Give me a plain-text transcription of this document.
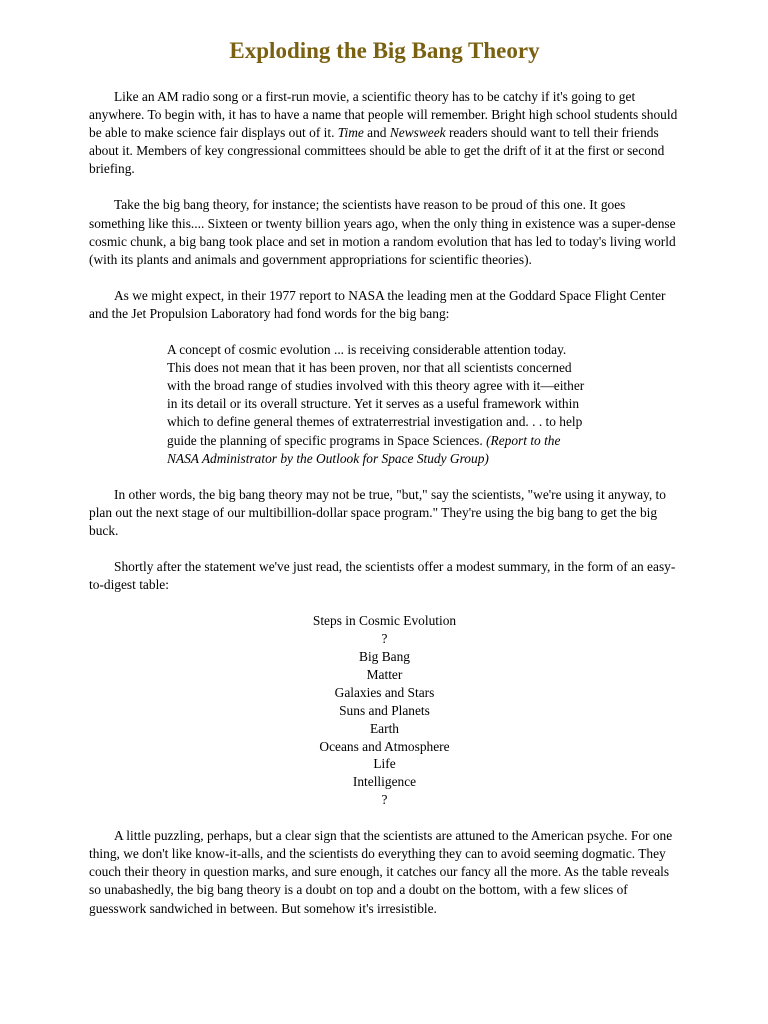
Exploding the Big Bang Theory

Like an AM radio song or a first-run movie, a scientific theory has to be catchy if it's going to get anywhere. To begin with, it has to have a name that people will remember. Bright high school students should be able to make science fair displays out of it. Time and Newsweek readers should want to tell their friends about it. Members of key congressional committees should be able to get the drift of it at the first or second briefing.

Take the big bang theory, for instance; the scientists have reason to be proud of this one. It goes something like this.... Sixteen or twenty billion years ago, when the only thing in existence was a super-dense cosmic chunk, a big bang took place and set in motion a random evolution that has led to today's living world (with its plants and animals and government appropriations for scientific theories).

As we might expect, in their 1977 report to NASA the leading men at the Goddard Space Flight Center and the Jet Propulsion Laboratory had fond words for the big bang:

A concept of cosmic evolution ... is receiving considerable attention today. This does not mean that it has been proven, nor that all scientists concerned with the broad range of studies involved with this theory agree with it—either in its detail or its overall structure. Yet it serves as a useful framework within which to define general themes of extraterrestrial investigation and. . . to help guide the planning of specific programs in Space Sciences. (Report to the NASA Administrator by the Outlook for Space Study Group)

In other words, the big bang theory may not be true, "but," say the scientists, "we're using it anyway, to plan out the next stage of our multibillion-dollar space program." They're using the big bang to get the big buck.

Shortly after the statement we've just read, the scientists offer a modest summary, in the form of an easy-to-digest table:

Steps in Cosmic Evolution
?
Big Bang
Matter
Galaxies and Stars
Suns and Planets
Earth
Oceans and Atmosphere
Life
Intelligence
?

A little puzzling, perhaps, but a clear sign that the scientists are attuned to the American psyche. For one thing, we don't like know-it-alls, and the scientists do everything they can to avoid seeming dogmatic. They couch their theory in question marks, and sure enough, it catches our fancy all the more. As the table reveals so unabashedly, the big bang theory is a doubt on top and a doubt on the bottom, with a few slices of guesswork sandwiched in between. But somehow it's irresistible.
